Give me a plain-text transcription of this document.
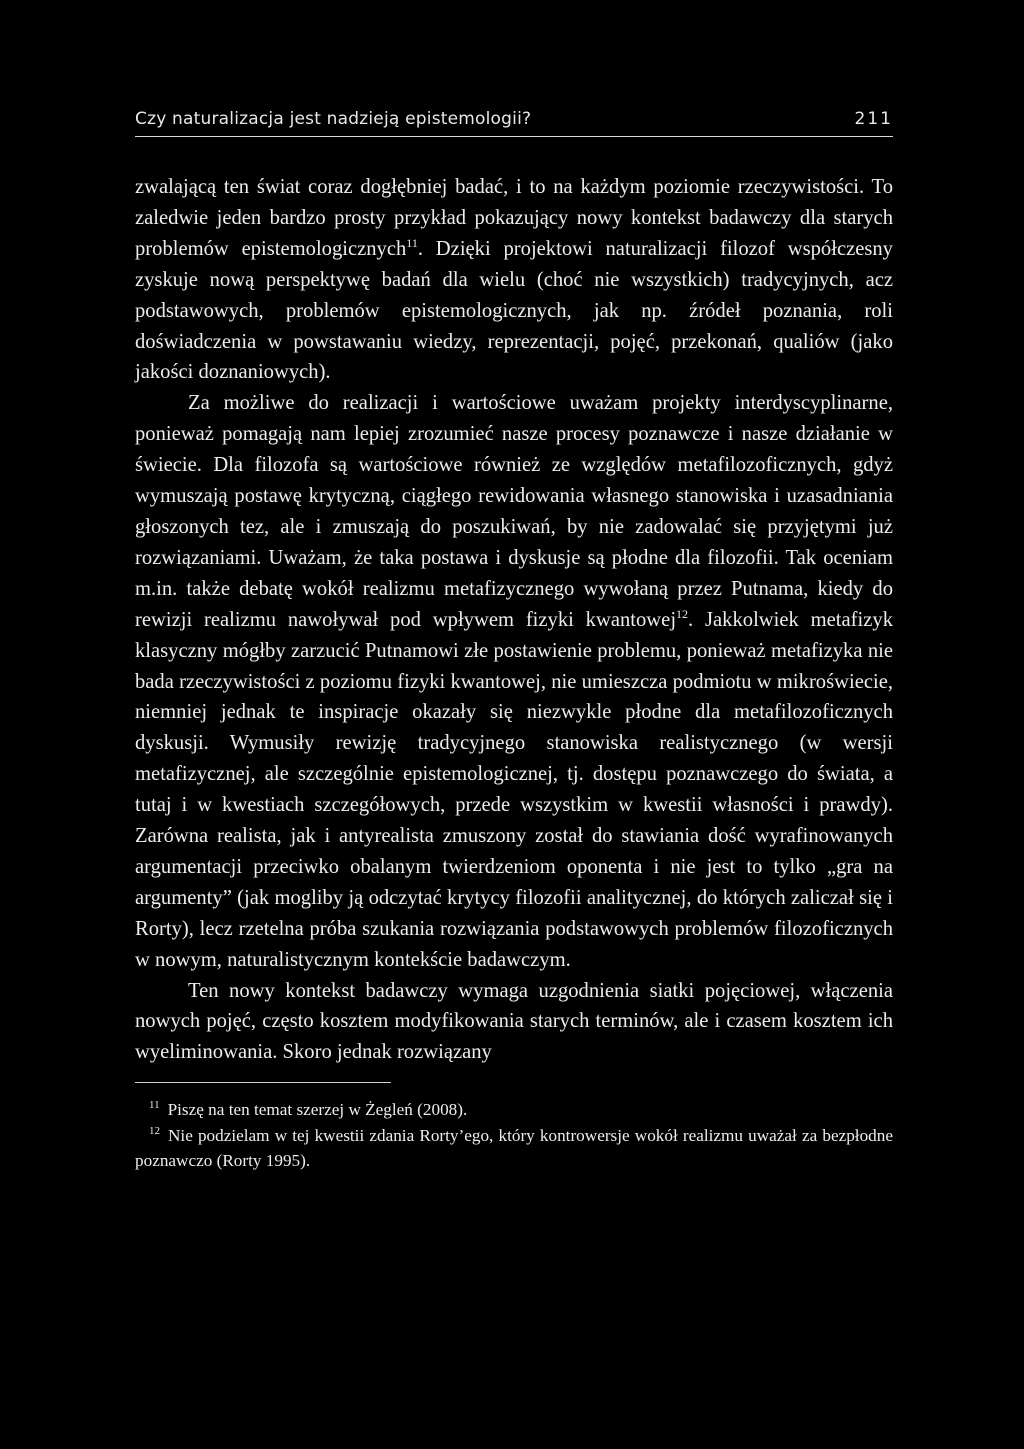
Czy naturalizacja jest nadzieją epistemologii?	211

zwalającą ten świat coraz dogłębniej badać, i to na każdym poziomie rzeczywistości. To zaledwie jeden bardzo prosty przykład pokazujący nowy kontekst badawczy dla starych problemów epistemologicznych$^{11}$. Dzięki projektowi naturalizacji filozof współczesny zyskuje nową perspektywę badań dla wielu (choć nie wszystkich) tradycyjnych, acz podstawowych, problemów epistemologicznych, jak np. źródeł poznania, roli doświadczenia w powstawaniu wiedzy, reprezentacji, pojęć, przekonań, qualiów (jako jakości doznaniowych).

Za możliwe do realizacji i wartościowe uważam projekty interdyscyplinarne, ponieważ pomagają nam lepiej zrozumieć nasze procesy poznawcze i nasze działanie w świecie. Dla filozofa są wartościowe również ze względów metafilozoficznych, gdyż wymuszają postawę krytyczną, ciągłego rewidowania własnego stanowiska i uzasadniania głoszonych tez, ale i zmuszają do poszukiwań, by nie zadowalać się przyjętymi już rozwiązaniami. Uważam, że taka postawa i dyskusje są płodne dla filozofii. Tak oceniam m.in. także debatę wokół realizmu metafizycznego wywołaną przez Putnama, kiedy do rewizji realizmu nawoływał pod wpływem fizyki kwantowej$^{12}$. Jakkolwiek metafizyk klasyczny mógłby zarzucić Putnamowi złe postawienie problemu, ponieważ metafizyka nie bada rzeczywistości z poziomu fizyki kwantowej, nie umieszcza podmiotu w mikroświecie, niemniej jednak te inspiracje okazały się niezwykle płodne dla metafilozoficznych dyskusji. Wymusiły rewizję tradycyjnego stanowiska realistycznego (w wersji metafizycznej, ale szczególnie epistemologicznej, tj. dostępu poznawczego do świata, a tutaj i w kwestiach szczegółowych, przede wszystkim w kwestii własności i prawdy). Zarówna realista, jak i antyrealista zmuszony został do stawiania dość wyrafinowanych argumentacji przeciwko obalanym twierdzeniom oponenta i nie jest to tylko „gra na argumenty” (jak mogliby ją odczytać krytycy filozofii analitycznej, do których zaliczał się i Rorty), lecz rzetelna próba szukania rozwiązania podstawowych problemów filozoficznych w nowym, naturalistycznym kontekście badawczym.

Ten nowy kontekst badawczy wymaga uzgodnienia siatki pojęciowej, włączenia nowych pojęć, często kosztem modyfikowania starych terminów, ale i czasem kosztem ich wyeliminowania. Skoro jednak rozwiązany

$^{11}$ Piszę na ten temat szerzej w Żegleń (2008).

$^{12}$ Nie podzielam w tej kwestii zdania Rorty’ego, który kontrowersje wokół realizmu uważał za bezpłodne poznawczo (Rorty 1995).
